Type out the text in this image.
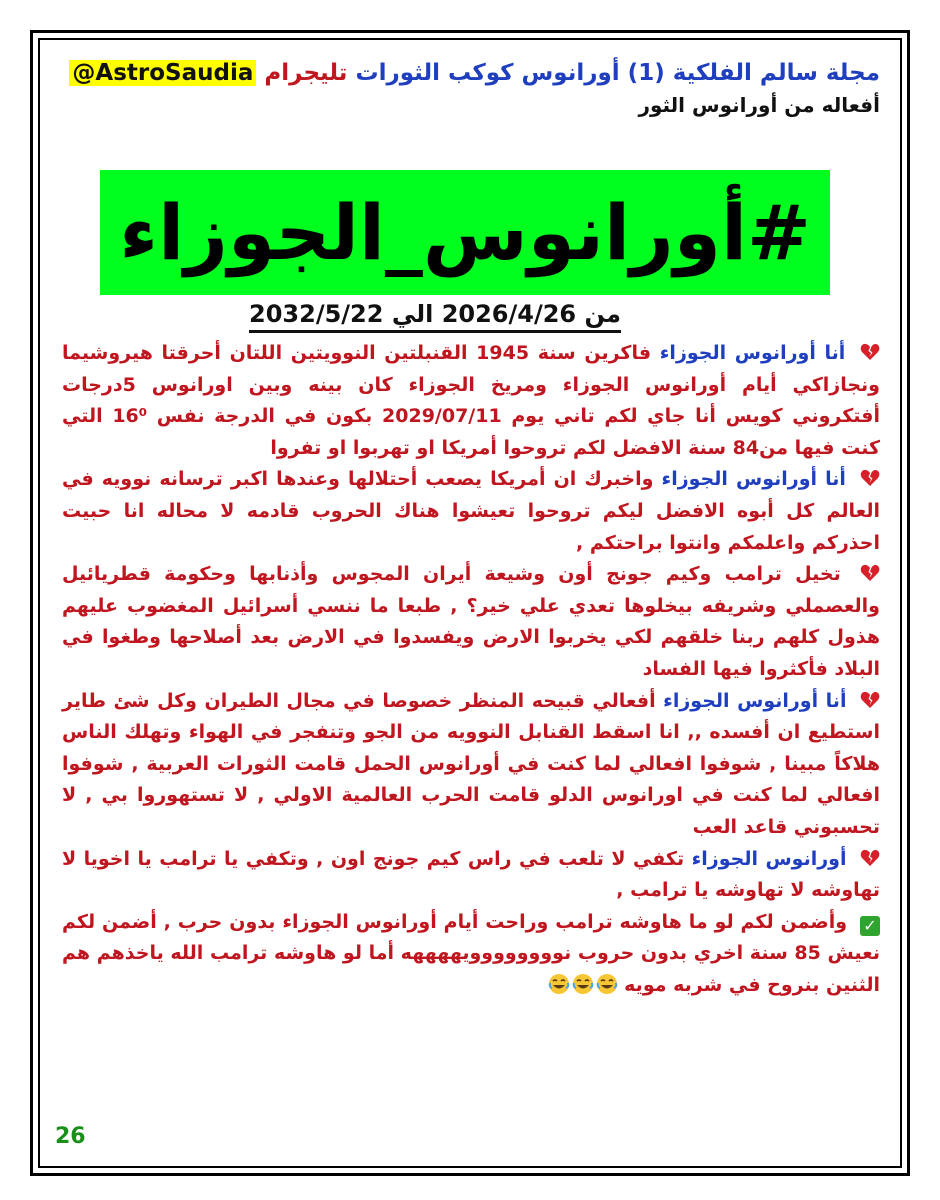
مجلة سالم الفلكية (1) أورانوس كوكب الثورات تليجرام @AstroSaudia
أفعاله من أورانوس الثور
#أورانوس_الجوزاء
من 2026/4/26 الي 2032/5/22

أنا أورانوس الجوزاء فاكرين سنة 1945 القنبلتين النوويتين اللتان أحرقتا هيروشيما ونجازاكي أيام أورانوس الجوزاء ومريخ الجوزاء كان بينه وبين اورانوس 5درجات أفتكروني كويس أنا جاي لكم تاني يوم 2029/07/11 بكون في الدرجة نفس 16⁰ التي كنت فيها من84 سنة الافضل لكم تروحوا أمريكا او تهربوا او تفروا

أنا أورانوس الجوزاء واخبرك ان أمريكا يصعب أحتلالها وعندها اكبر ترسانه نوويه في العالم كل أبوه الافضل ليكم تروحوا تعيشوا هناك الحروب قادمه لا محاله انا حبيت احذركم واعلمكم وانتوا براحتكم ,

تخيل ترامب وكيم جونج أون وشيعة أيران المجوس وأذنابها وحكومة قطريائيل والعصملي وشريفه بيخلوها تعدي علي خير؟ , طبعا ما ننسي أسرائيل المغضوب عليهم هذول كلهم ربنا خلقهم لكي يخربوا الارض ويفسدوا في الارض بعد أصلاحها وطغوا في البلاد فأكثروا فيها الفساد

أنا أورانوس الجوزاء أفعالي قبيحه المنظر خصوصا في مجال الطيران وكل شئ طاير استطيع ان أفسده ,, انا اسقط القنابل النوويه من الجو وتنفجر في الهواء وتهلك الناس هلاكاً مبينا , شوفوا افعالي لما كنت في أورانوس الحمل قامت الثورات العربية , شوفوا افعالي لما كنت في اورانوس الدلو قامت الحرب العالمية الاولي , لا تستهوروا بي , لا تحسبوني قاعد العب

أورانوس الجوزاء تكفي لا تلعب في راس كيم جونج اون , وتكفي يا ترامب يا اخويا لا تهاوشه لا تهاوشه يا ترامب ,

✓ وأضمن لكم لو ما هاوشه ترامب وراحت أيام أورانوس الجوزاء بدون حرب , أضمن لكم نعيش 85 سنة اخري بدون حروب نوووووووويههههه أما لو هاوشه ترامب الله ياخذهم هم الثنين بنروح في شربه مويه

26
